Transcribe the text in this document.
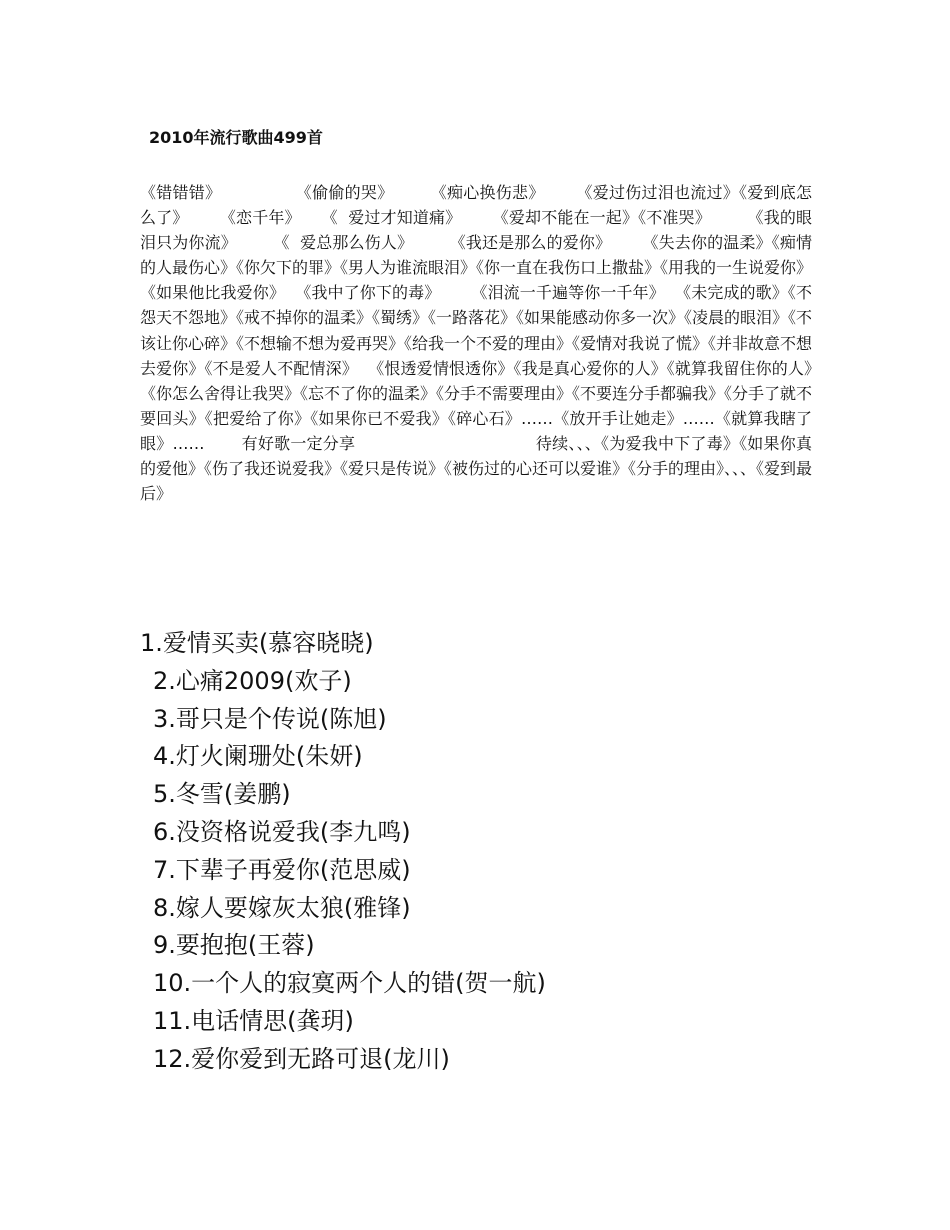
2010年流行歌曲499首

《错错错》              《偷偷的哭》       《痴心换伤悲》      《爱过伤过泪也流过》《爱到底怎么了》      《恋千年》    《  爱过才知道痛》      《爱却不能在一起》《不准哭》       《我的眼泪只为你流》       《  爱总那么伤人》       《我还是那么的爱你》      《失去你的温柔》《痴情的人最伤心》《你欠下的罪》《男人为谁流眼泪》《你一直在我伤口上撒盐》《用我的一生说爱你》《如果他比我爱你》  《我中了你下的毒》      《泪流一千遍等你一千年》  《未完成的歌》《不怨天不怨地》《戒不掉你的温柔》《蜀绣》《一路落花》《如果能感动你多一次》《凌晨的眼泪》《不该让你心碎》《不想输不想为爱再哭》《给我一个不爱的理由》《爱情对我说了慌》《并非故意不想去爱你》《不是爱人不配情深》  《恨透爱情恨透你》《我是真心爱你的人》《就算我留住你的人》《你怎么舍得让我哭》《忘不了你的温柔》《分手不需要理由》《不要连分手都骗我》《分手了就不要回头》《把爱给了你》《如果你已不爱我》《碎心石》……《放开手让她走》……《就算我瞎了眼》……       有好歌一定分享                                  待续、、、《为爱我中下了毒》《如果你真的爱他》《伤了我还说爱我》《爱只是传说》《被伤过的心还可以爱谁》《分手的理由》、、、《爱到最后》

1.爱情买卖(慕容晓晓)
2.心痛2009(欢子)
3.哥只是个传说(陈旭)
4.灯火阑珊处(朱妍)
5.冬雪(姜鹏)
6.没资格说爱我(李九鸣)
7.下辈子再爱你(范思威)
8.嫁人要嫁灰太狼(雅锋)
9.要抱抱(王蓉)
10.一个人的寂寞两个人的错(贺一航)
11.电话情思(龚玥)
12.爱你爱到无路可退(龙川)
